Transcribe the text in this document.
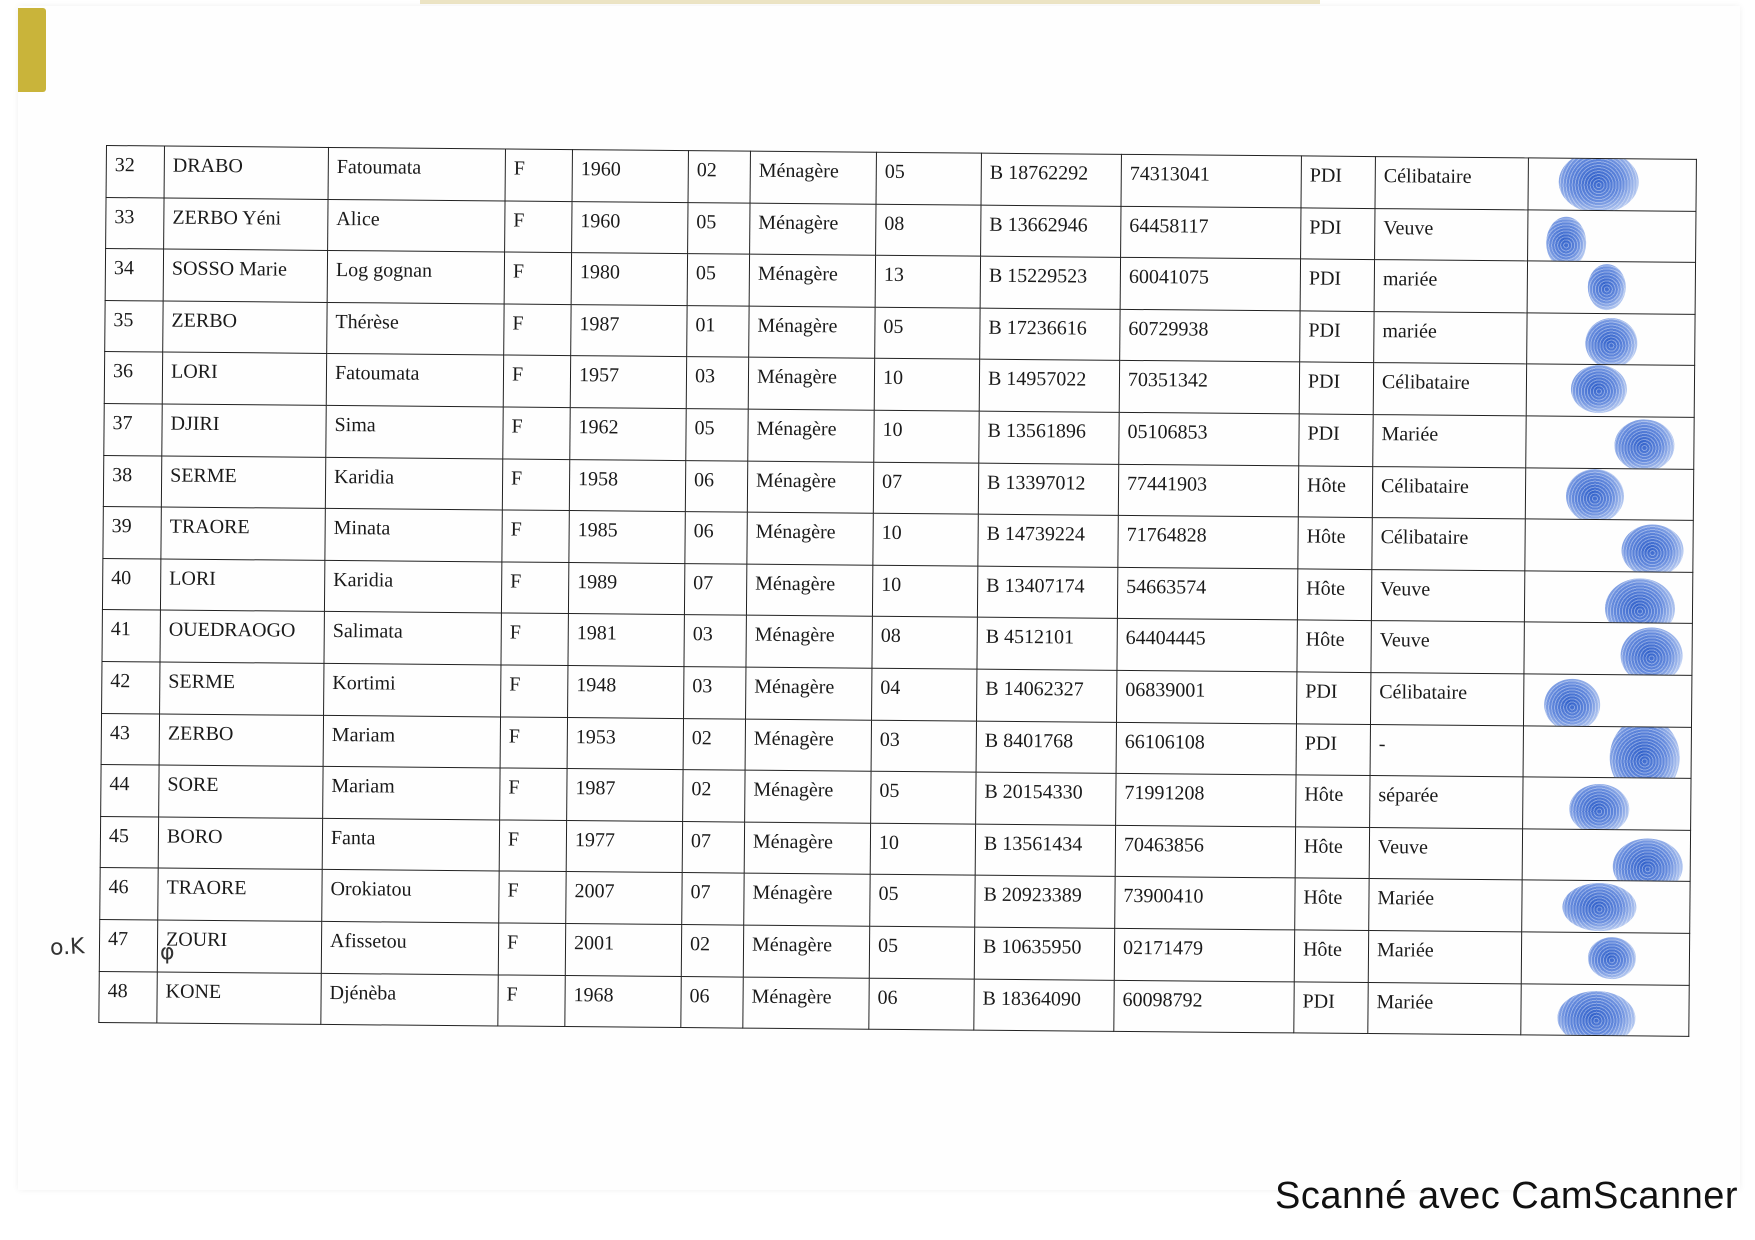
32	DRABO	Fatoumata	F	1960	02	Ménagère	05	B 18762292	74313041	PDI	Célibataire	

33	ZERBO Yéni	Alice	F	1960	05	Ménagère	08	B 13662946	64458117	PDI	Veuve	

34	SOSSO Marie	Log gognan	F	1980	05	Ménagère	13	B 15229523	60041075	PDI	mariée	

35	ZERBO	Thérèse	F	1987	01	Ménagère	05	B 17236616	60729938	PDI	mariée	

36	LORI	Fatoumata	F	1957	03	Ménagère	10	B 14957022	70351342	PDI	Célibataire	

37	DJIRI	Sima	F	1962	05	Ménagère	10	B 13561896	05106853	PDI	Mariée	

38	SERME	Karidia	F	1958	06	Ménagère	07	B 13397012	77441903	Hôte	Célibataire	

39	TRAORE	Minata	F	1985	06	Ménagère	10	B 14739224	71764828	Hôte	Célibataire	

40	LORI	Karidia	F	1989	07	Ménagère	10	B 13407174	54663574	Hôte	Veuve	

41	OUEDRAOGO	Salimata	F	1981	03	Ménagère	08	B 4512101	64404445	Hôte	Veuve	

42	SERME	Kortimi	F	1948	03	Ménagère	04	B 14062327	06839001	PDI	Célibataire	

43	ZERBO	Mariam	F	1953	02	Ménagère	03	B 8401768	66106108	PDI	-	

44	SORE	Mariam	F	1987	02	Ménagère	05	B 20154330	71991208	Hôte	séparée	

45	BORO	Fanta	F	1977	07	Ménagère	10	B 13561434	70463856	Hôte	Veuve	

46	TRAORE	Orokiatou	F	2007	07	Ménagère	05	B 20923389	73900410	Hôte	Mariée	

47	ZOURI	Afissetou	F	2001	02	Ménagère	05	B 10635950	02171479	Hôte	Mariée	

48	KONE	Djénèba	F	1968	06	Ménagère	06	B 18364090	60098792	PDI	Mariée	
o.K	φ
Scanné avec CamScanner
